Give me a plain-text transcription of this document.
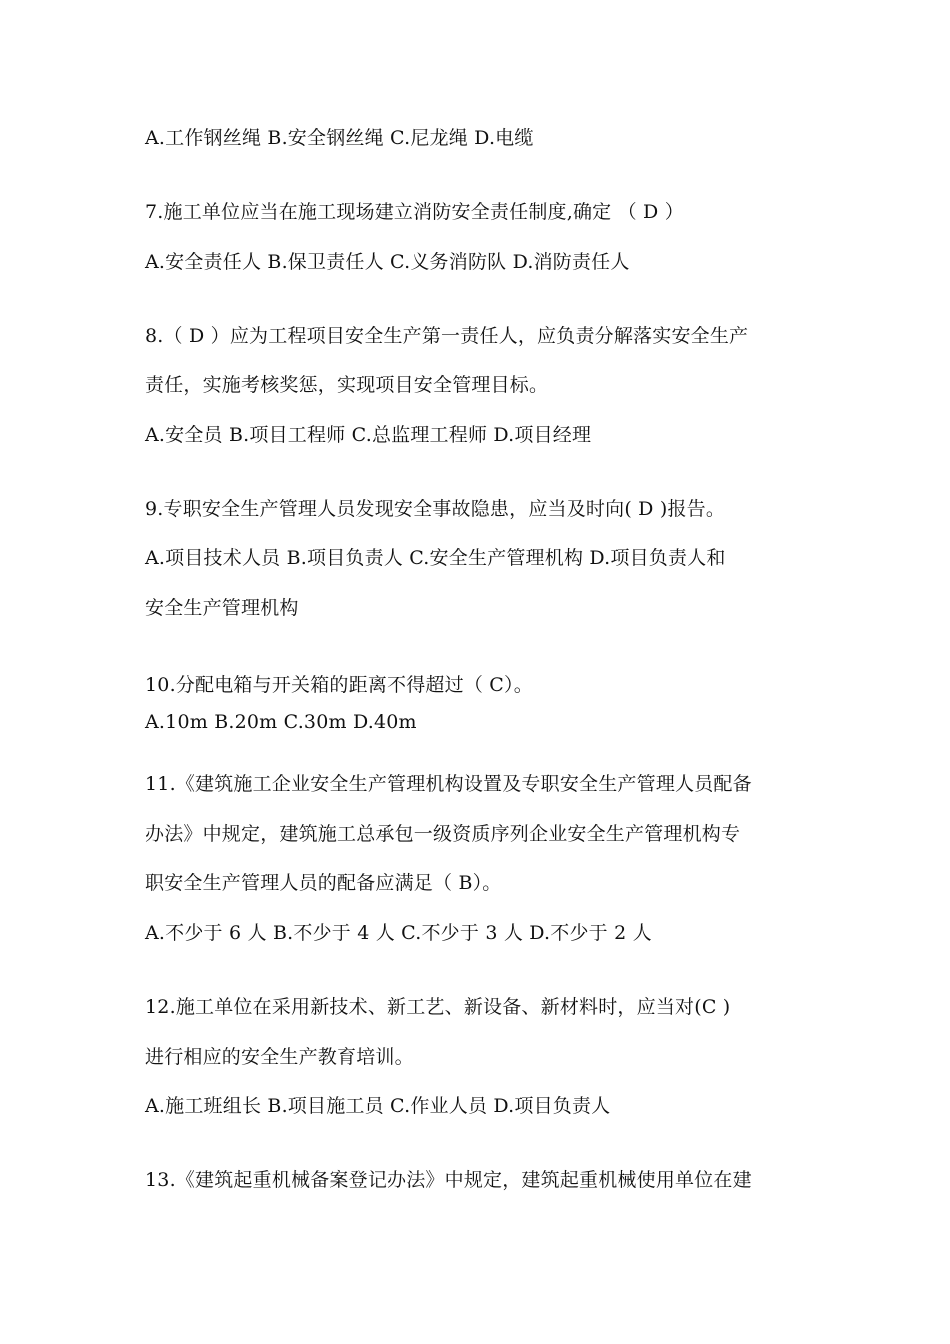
A.工作钢丝绳 B.安全钢丝绳 C.尼龙绳 D.电缆
7.施工单位应当在施工现场建立消防安全责任制度,确定 （ D ）
A.安全责任人 B.保卫责任人 C.义务消防队 D.消防责任人
8.（ D ）应为工程项目安全生产第一责任人，应负责分解落实安全生产
责任，实施考核奖惩，实现项目安全管理目标。
A.安全员 B.项目工程师 C.总监理工程师 D.项目经理
9.专职安全生产管理人员发现安全事故隐患，应当及时向( D )报告。
A.项目技术人员 B.项目负责人 C.安全生产管理机构 D.项目负责人和
安全生产管理机构
10.分配电箱与开关箱的距离不得超过（ C）。
A.10m B.20m C.30m D.40m
11.《建筑施工企业安全生产管理机构设置及专职安全生产管理人员配备
办法》中规定，建筑施工总承包一级资质序列企业安全生产管理机构专
职安全生产管理人员的配备应满足（ B）。
A.不少于 6 人 B.不少于 4 人 C.不少于 3 人 D.不少于 2 人
12.施工单位在采用新技术、新工艺、新设备、新材料时，应当对(C )
进行相应的安全生产教育培训。
A.施工班组长 B.项目施工员 C.作业人员 D.项目负责人
13.《建筑起重机械备案登记办法》中规定，建筑起重机械使用单位在建
